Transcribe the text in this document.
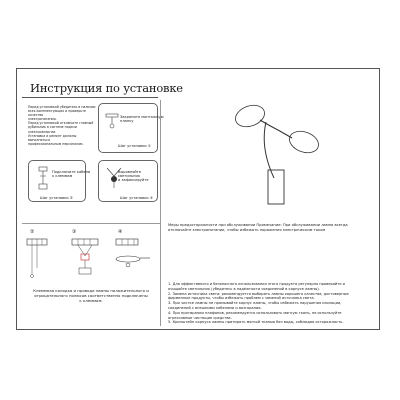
Инструкция по установке
Перед установкой убедитесь в наличии
всех комплектующих и проверьте качество
электропитания.
Перед установкой отключите главный
рубильник в системе подачи электроэнергии.
Установка и ремонт должны выполняться
профессиональным персоналом.
Закрепите монтажную
планку
Шаг установки ①
Подключите кабели
к клеммам
Шаг установки ②
Выровняйте
светильник
и зафиксируйте
Шаг установки ③
②	③	④
Клеммная колодка и провода лампы положительного и
отрицательного полюсов соответственно подключены
к клеммам.
Меры предосторожности при обслуживании Примечание: При обслуживании лампа всегда
отключайте электропитание, чтобы избежать поражения электрическим током
1. Для эффективного и безопасного использования этого продукта регулярно проверяйте и
очищайте светильник (убедитесь в надёжности соединений в корпусе лампы).
2. Замена источника света: рекомендуется выбирать лампы хорошего качества, достоверные
фирменные продукты, чтобы избежать проблем с заменой источника света.
3. При чистке лампы не промывайте корпус лампы, чтобы избежать нарушения изоляции,
соединений с внешними кабелями и возгорания.
4. При протирании плафонов, рекомендуется использовать мягкую ткань, не используйте
агрессивные чистящие средства.
5. Кронштейн корпуса лампы притирать мягкой тканью без воды, соблюдая осторожность.
